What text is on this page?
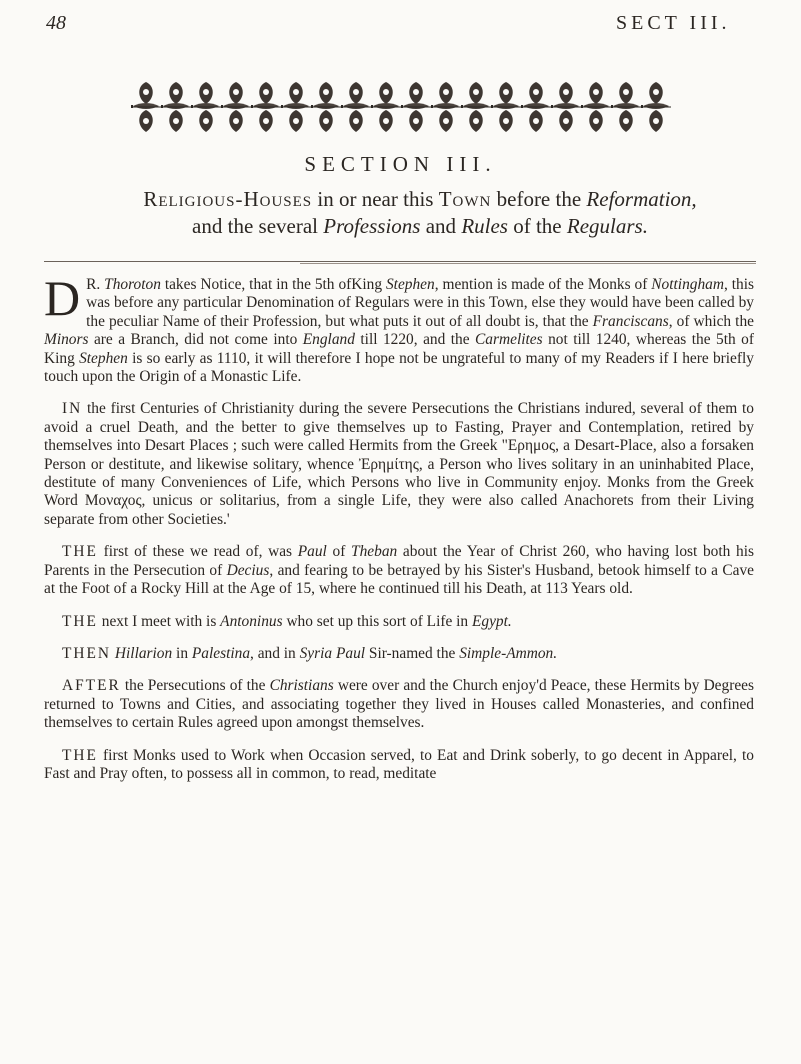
48	SECT III.
SECTION III.
Religious-Houses in or near this Town before the Reformation,
and the several Professions and Rules of the Regulars.

D R. Thoroton takes Notice, that in the 5th ofKing Stephen, mention is made of the Monks of Nottingham, this was before any particular Denomination of Regulars were in this Town, else they would have been called by the peculiar Name of their Profession, but what puts it out of all doubt is, that the Franciscans, of which the Minors are a Branch, did not come into England till 1220, and the Carmelites not till 1240, whereas the 5th of King Stephen is so early as 1110, it will therefore I hope not be ungrateful to many of my Readers if I here briefly touch upon the Origin of a Monastic Life.

IN the first Centuries of Christianity during the severe Persecutions the Christians indured, several of them to avoid a cruel Death, and the better to give themselves up to Fasting, Prayer and Contemplation, retired by themselves into Desart Places ; such were called Hermits from the Greek "Ερημος, a Desart-Place, also a forsaken Person or destitute, and likewise solitary, whence Ἐρημίτης, a Person who lives solitary in an uninhabited Place, destitute of many Conveniences of Life, which Persons who live in Community enjoy. Monks from the Greek Word Μοναχος, unicus or solitarius, from a single Life, they were also called Anachorets from their Living separate from other Societies.'

THE first of these we read of, was Paul of Theban about the Year of Christ 260, who having lost both his Parents in the Persecution of Decius, and fearing to be betrayed by his Sister's Husband, betook himself to a Cave at the Foot of a Rocky Hill at the Age of 15, where he continued till his Death, at 113 Years old.

THE next I meet with is Antoninus who set up this sort of Life in Egypt.

THEN Hillarion in Palestina, and in Syria Paul Sir-named the Simple-Ammon.

AFTER the Persecutions of the Christians were over and the Church enjoy'd Peace, these Hermits by Degrees returned to Towns and Cities, and associating together they lived in Houses called Monasteries, and confined themselves to certain Rules agreed upon amongst themselves.

THE first Monks used to Work when Occasion served, to Eat and Drink soberly, to go decent in Apparel, to Fast and Pray often, to possess all in common, to read, meditate
